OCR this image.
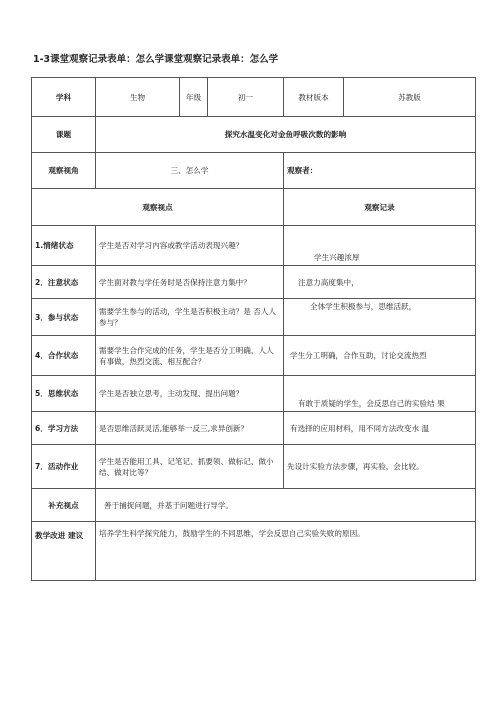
1-3课堂观察记录表单：怎么学课堂观察记录表单：怎么学
学科	生物	年级	初一	教材版本	苏教版
课题	探究水温变化对金鱼呼吸次数的影响				
观察视角	三、怎么学			观察者：	
观察视点				观察记录	
1.情绪状态	学生是否对学习内容或教学活动表现兴趣？			学生兴趣浓厚	
2．注意状态	学生面对教与学任务时是否保持注意力集中？			注意力高度集中，	
3．参与状态	需要学生参与的活动，学生是否积极主动？是 否人人参与？			全体学生积极参与，思维活跃，	
4．合作状态	需要学生合作完成的任务，学生是否分工明确，人人有事做，热烈交流、相互配合？			学生分工明确，合作互助，讨论交流热烈	
5．思维状态	学生是否独立思考，主动发现、提出问题？			有敢于质疑的学生，会反思自己的实验结 果	
6．学习方法	是否思维活跃灵活,能够举一反三,求异创新？			有选择的应用材料，用不同方法改变水 温	
7．活动作业	学生是否能用工具、记笔记、抓要领、做标记、做小结、做对比等？			先设计实验方法步骤，再实验，会比较。	
补充视点	善于捕捉问题，并基于问题进行导学。				
教学改进 建议	培养学生科学探究能力，鼓励学生的不同思维，学会反思自己实验失败的原因。				
